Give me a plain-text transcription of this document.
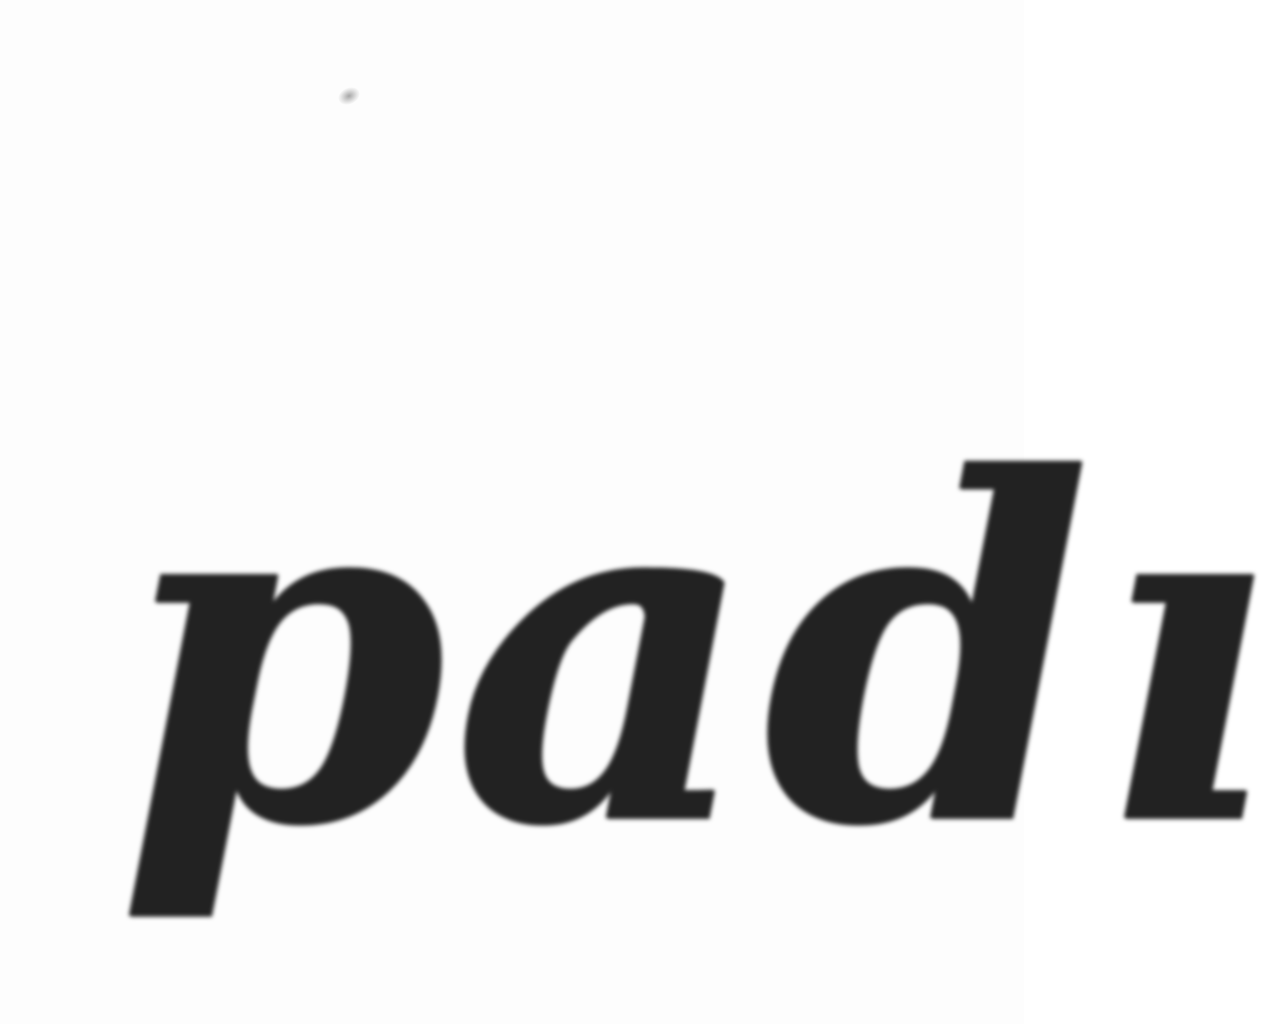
padı
